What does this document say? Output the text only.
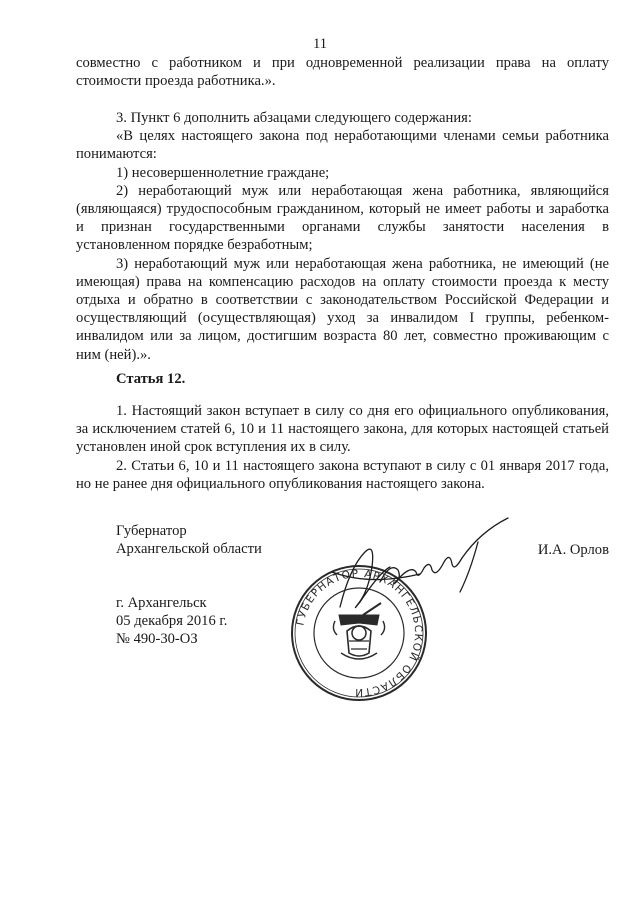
11

совместно с работником и при одновременной реализации права на оплату стоимости проезда работника.».

3. Пункт 6 дополнить абзацами следующего содержания:

«В целях настоящего закона под неработающими членами семьи работника понимаются:

1) несовершеннолетние граждане;

2) неработающий муж или неработающая жена работника, являющийся (являющаяся) трудоспособным гражданином, который не имеет работы и заработка и признан государственными органами службы занятости населения в установленном порядке безработным;

3) неработающий муж или неработающая жена работника, не имеющий (не имеющая) права на компенсацию расходов на оплату стоимости проезда к месту отдыха и обратно в соответствии с законодательством Российской Федерации и осуществляющий (осуществляющая) уход за инвалидом I группы, ребенком-инвалидом или за лицом, достигшим возраста 80 лет, совместно проживающим с ним (ней).».

Статья 12.

1. Настоящий закон вступает в силу со дня его официального опубликования, за исключением статей 6, 10 и 11 настоящего закона, для которых настоящей статьей установлен иной срок вступления их в силу.

2. Статьи 6, 10 и 11 настоящего закона вступают в силу с 01 января 2017 года, но не ранее дня официального опубликования настоящего закона.

Губернатор
Архангельской области	И.А. Орлов
г. Архангельск
05 декабря 2016 г.
№ 490-30-ОЗ
ГУБЕРНАТОР АРХАНГЕЛЬСКОЙ ОБЛАСТИ
